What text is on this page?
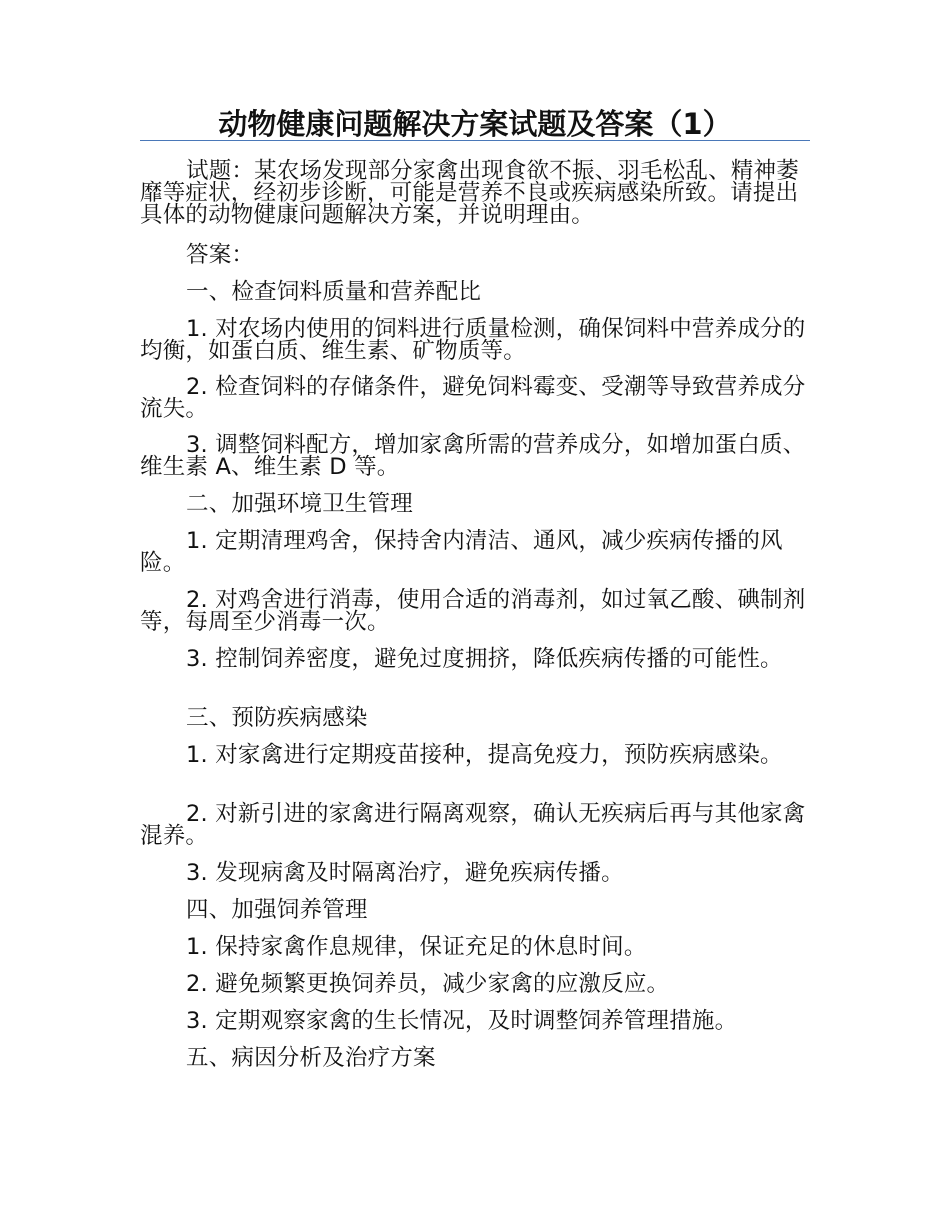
动物健康问题解决方案试题及答案（1）

试题：某农场发现部分家禽出现食欲不振、羽毛松乱、精神萎靡等症状，经初步诊断，可能是营养不良或疾病感染所致。请提出具体的动物健康问题解决方案，并说明理由。

答案：

一、检查饲料质量和营养配比

1. 对农场内使用的饲料进行质量检测，确保饲料中营养成分的均衡，如蛋白质、维生素、矿物质等。

2. 检查饲料的存储条件，避免饲料霉变、受潮等导致营养成分流失。

3. 调整饲料配方，增加家禽所需的营养成分，如增加蛋白质、维生素 A、维生素 D 等。

二、加强环境卫生管理

1. 定期清理鸡舍，保持舍内清洁、通风，减少疾病传播的风险。

2. 对鸡舍进行消毒，使用合适的消毒剂，如过氧乙酸、碘制剂等，每周至少消毒一次。

3. 控制饲养密度，避免过度拥挤，降低疾病传播的可能性。

三、预防疾病感染

1. 对家禽进行定期疫苗接种，提高免疫力，预防疾病感染。

2. 对新引进的家禽进行隔离观察，确认无疾病后再与其他家禽混养。

3. 发现病禽及时隔离治疗，避免疾病传播。

四、加强饲养管理

1. 保持家禽作息规律，保证充足的休息时间。

2. 避免频繁更换饲养员，减少家禽的应激反应。

3. 定期观察家禽的生长情况，及时调整饲养管理措施。

五、病因分析及治疗方案
